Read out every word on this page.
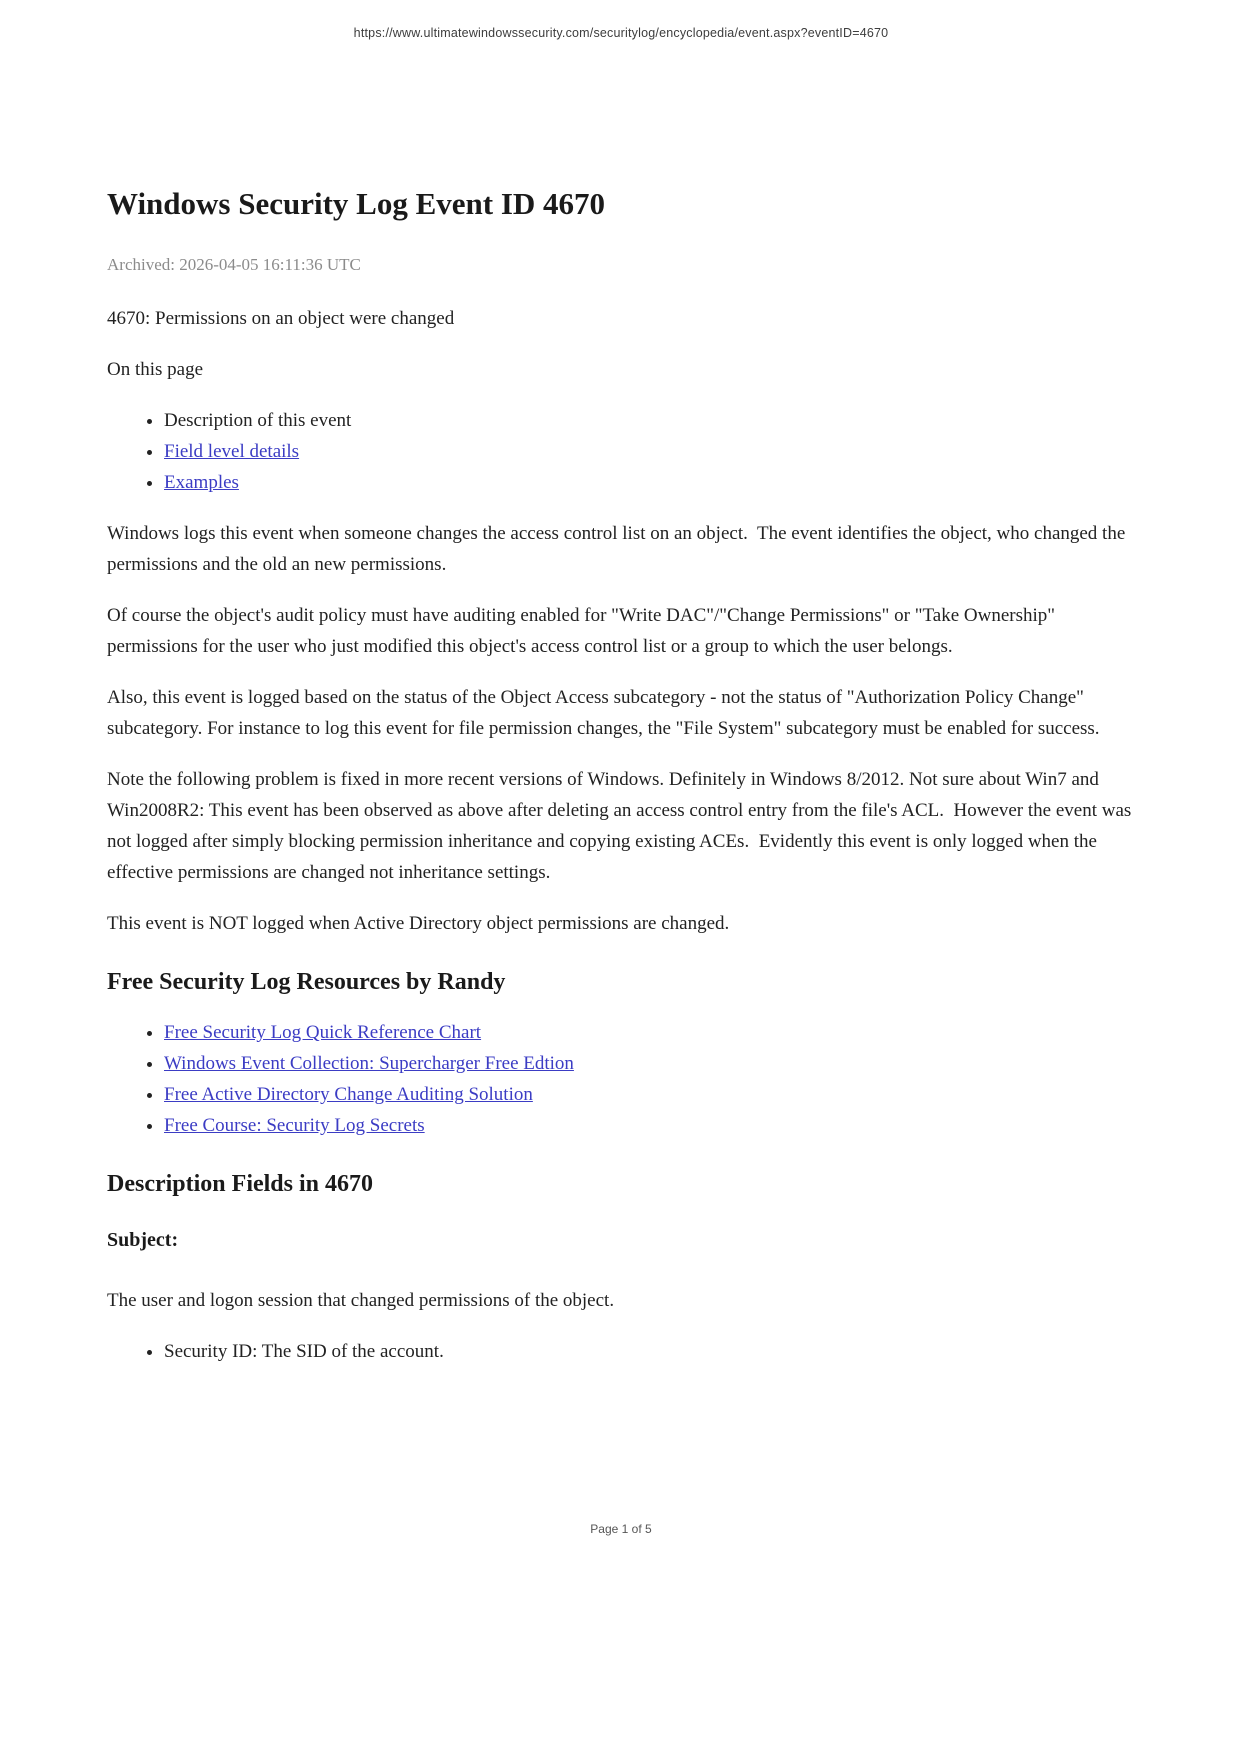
https://www.ultimatewindowssecurity.com/securitylog/encyclopedia/event.aspx?eventID=4670
Windows Security Log Event ID 4670

Archived: 2026-04-05 16:11:36 UTC

4670: Permissions on an object were changed

On this page

• Description of this event
• Field level details
• Examples

Windows logs this event when someone changes the access control list on an object.  The event identifies the object, who changed the permissions and the old an new permissions.

Of course the object's audit policy must have auditing enabled for "Write DAC"/"Change Permissions" or "Take Ownership" permissions for the user who just modified this object's access control list or a group to which the user belongs.

Also, this event is logged based on the status of the Object Access subcategory - not the status of "Authorization Policy Change" subcategory. For instance to log this event for file permission changes, the "File System" subcategory must be enabled for success.

Note the following problem is fixed in more recent versions of Windows. Definitely in Windows 8/2012. Not sure about Win7 and Win2008R2: This event has been observed as above after deleting an access control entry from the file's ACL.  However the event was not logged after simply blocking permission inheritance and copying existing ACEs.  Evidently this event is only logged when the effective permissions are changed not inheritance settings.

This event is NOT logged when Active Directory object permissions are changed.

Free Security Log Resources by Randy
• Free Security Log Quick Reference Chart
• Windows Event Collection: Supercharger Free Edtion
• Free Active Directory Change Auditing Solution
• Free Course: Security Log Secrets
Description Fields in 4670
Subject:

The user and logon session that changed permissions of the object.

• Security ID: The SID of the account.
Page 1 of 5
